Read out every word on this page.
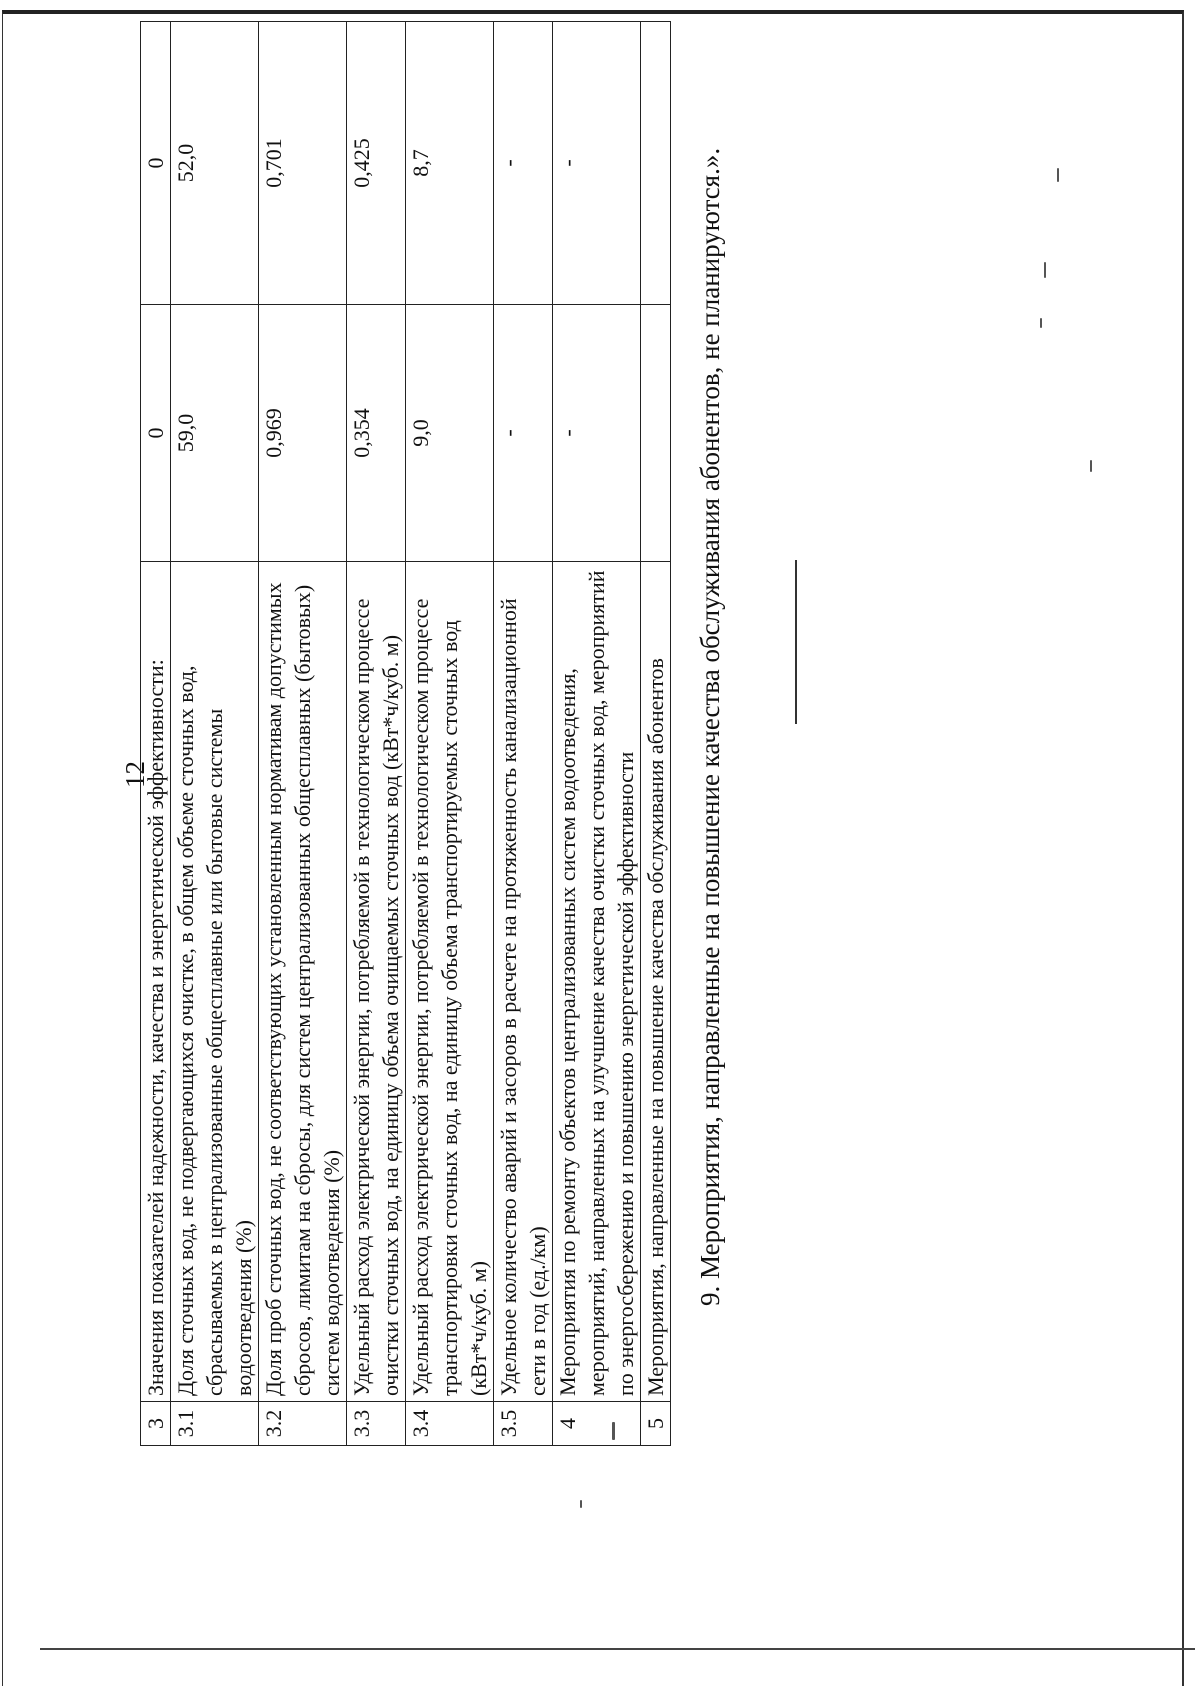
12
3	Значения показателей надежности, качества и энергетической эффективности:	0	0
3.1	Доля сточных вод, не подвергающихся очистке, в общем объеме сточных вод, сбрасываемых в централизованные общесплавные или бытовые системы водоотведения (%)	59,0	52,0
3.2	Доля проб сточных вод, не соответствующих установленным нормативам допустимых сбросов, лимитам на сбросы, для систем централизованных общесплавных (бытовых) систем водоотведения (%)	0,969	0,701
3.3	Удельный расход электрической энергии, потребляемой в технологическом процессе очистки сточных вод, на единицу объема очищаемых сточных вод (кВт*ч/куб. м)	0,354	0,425
3.4	Удельный расход электрической энергии, потребляемой в технологическом процессе транспортировки сточных вод, на единицу объема транспортируемых сточных вод (кВт*ч/куб. м)	9,0	8,7
3.5	Удельное количество аварий и засоров в расчете на протяженность канализационной сети в год (ед./км)	-	-
4	Мероприятия по ремонту объектов централизованных систем водоотведения, мероприятий, направленных на улучшение качества очистки сточных вод, мероприятий по энергосбережению и повышению энергетической эффективности	-	-
5	Мероприятия, направленные на повышение качества обслуживания абонентов		9. Мероприятия, направленные на повышение качества обслуживания абонентов, не планируются.».
